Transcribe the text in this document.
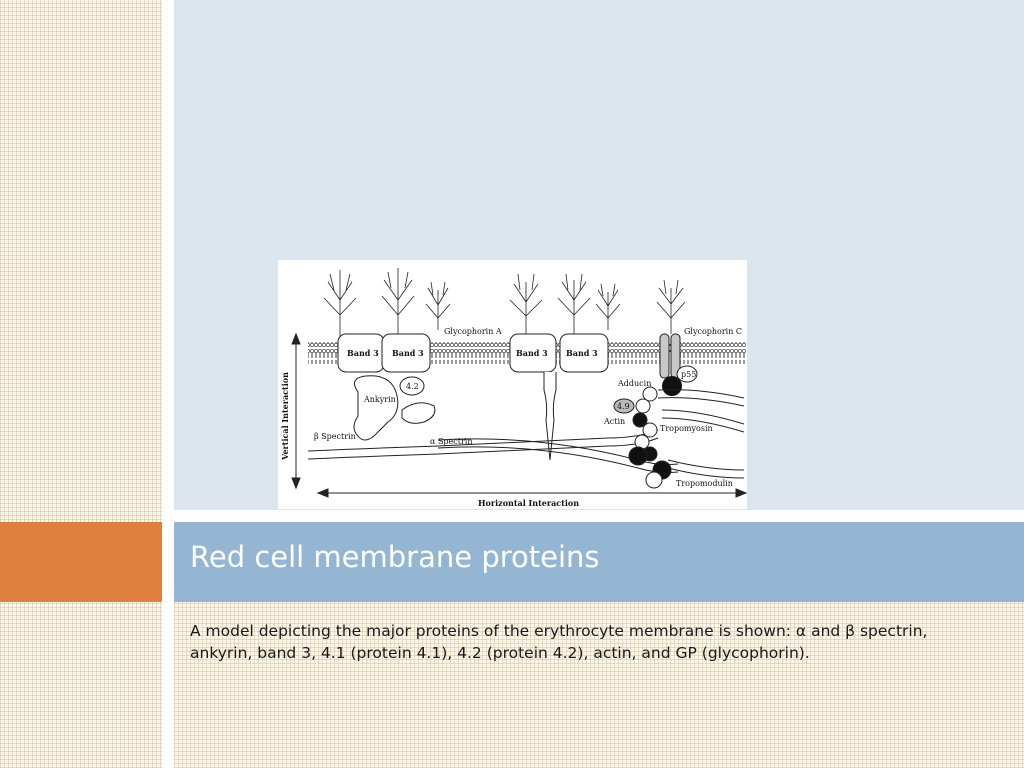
Red cell membrane proteins
A model depicting the major proteins of the erythrocyte membrane is shown: α and β spectrin, ankyrin, band 3, 4.1 (protein 4.1), 4.2 (protein 4.2), actin, and GP (glycophorin).
Band 3 Band 3	Band 3 Band 3
Glycophorin A	Glycophorin C
p55
Ankyrin
4.2
β Spectrin
α Spectrin
4.9
Adducin
Actin
Tropomyosin
Tropomodulin
Vertical Interaction
Horizontal Interaction
